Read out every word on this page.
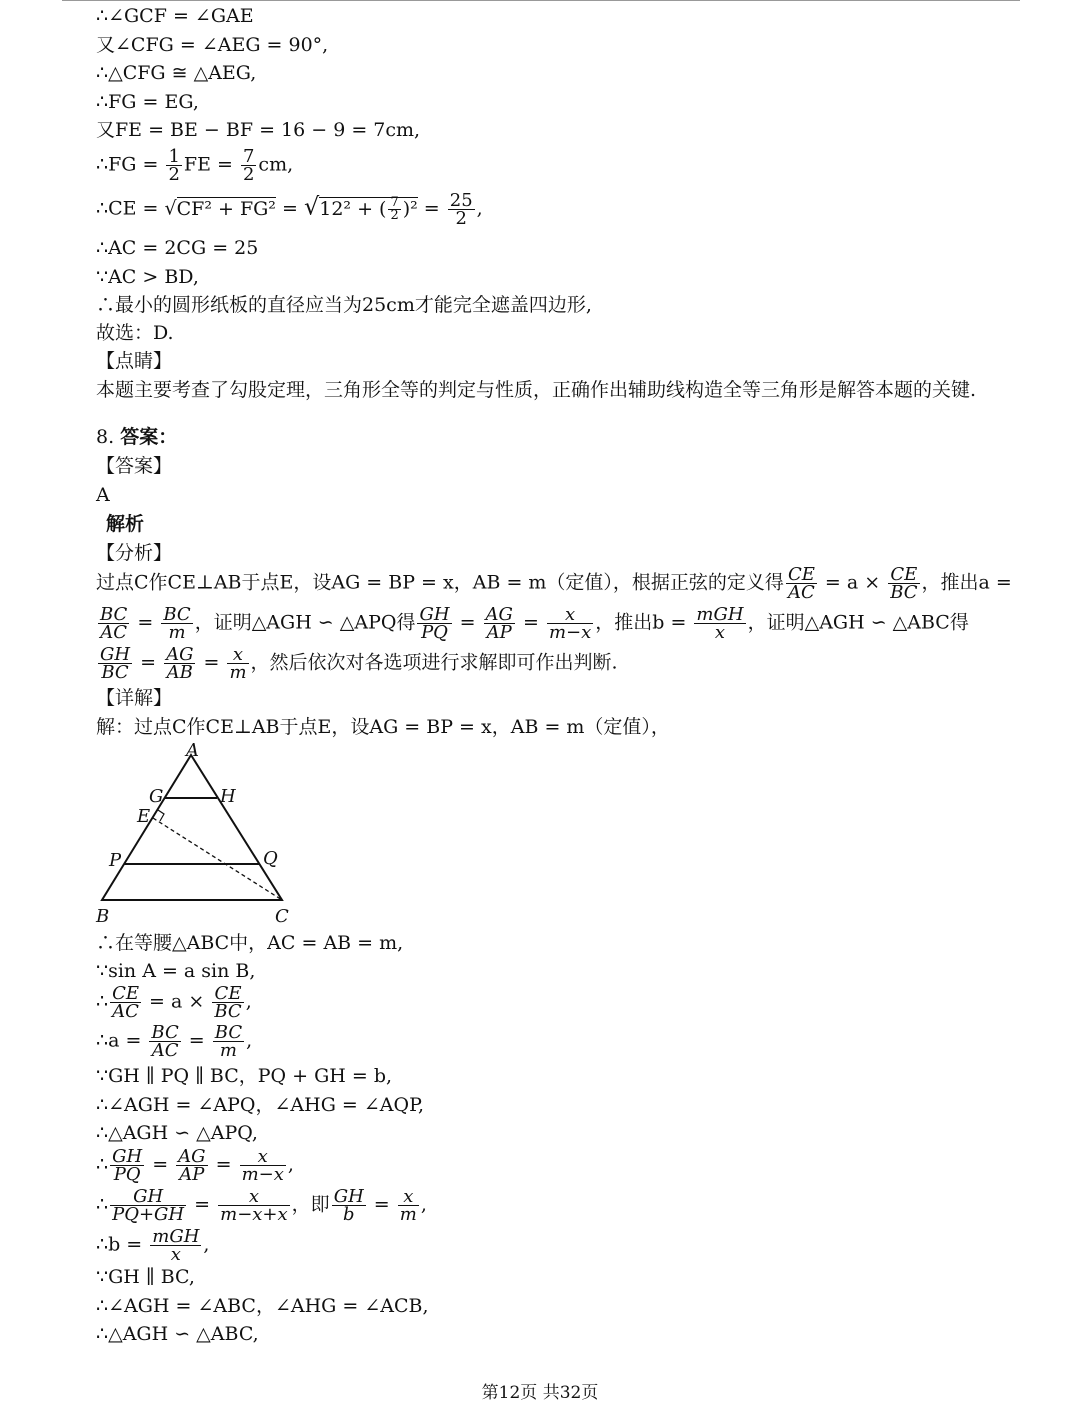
∴∠GCF = ∠GAE
又∠CFG = ∠AEG = 90°,
∴△CFG ≅ △AEG,
∴FG = EG,
又FE = BE − BF = 16 − 9 = 7cm,
∴FG = $\frac{1}{2}$ FE = $\frac{7}{2}$ cm,
∴CE = √CF² + FG² = √12² + ( $\frac{7}{2} )^2 = \frac{25}{2}$ ,
∴AC = 2CG = 25
∵AC > BD,
∴最小的圆形纸板的直径应当为25cm才能完全遮盖四边形,
故选：D.
【点睛】
本题主要考查了勾股定理，三角形全等的判定与性质，正确作出辅助线构造全等三角形是解答本题的关键.
8. 答案：
【答案】
A
解析
【分析】
过点C作CE⊥AB于点E，设AG = BP = x，AB = m（定值），根据正弦的定义得 $\frac{CE}{AC} = a \times \frac{CE}{BC}$ ，推出a =
$\frac{BC}{AC} = \frac{BC}{m}$ ，证明△AGH ∽ △APQ得 $\frac{GH}{PQ} = \frac{AG}{AP} = \frac{x}{m-x}$ ，推出$b = \frac{\text{mGH}}{x}$ ，证明△AGH ∽ △ABC得
$\frac{GH}{BC} = \frac{AG}{AB} = \frac{x}{m}$ ，然后依次对各选项进行求解即可作出判断.
【详解】
解：过点C作CE⊥AB于点E，设AG = BP = x，AB = m（定值），
A
B	C
G	H
E
P	Q
∴在等腰△ABC中，AC = AB = m,
∵sin A = a sin B,
∴ $\frac{CE}{AC} = a \times \frac{CE}{BC}$ ,
∴a = $\frac{BC}{AC} = \frac{BC}{m}$ ,
∵GH ∥ PQ ∥ BC，PQ + GH = b,
∴∠AGH = ∠APQ，∠AHG = ∠AQP,
∴△AGH ∽ △APQ,
∴ $\frac{GH}{PQ} = \frac{AG}{AP} = \frac{x}{m-x}$ ,
∴ $\frac{GH}{PQ+GH} = \frac{x}{m-x+x}$ ，即 $\frac{GH}{b} = \frac{x}{m}$ ,
∴b = $\frac{\text{mGH}}{x}$ ,
∵GH ∥ BC,
∴∠AGH = ∠ABC，∠AHG = ∠ACB,
∴△AGH ∽ △ABC,
第12页 共32页
